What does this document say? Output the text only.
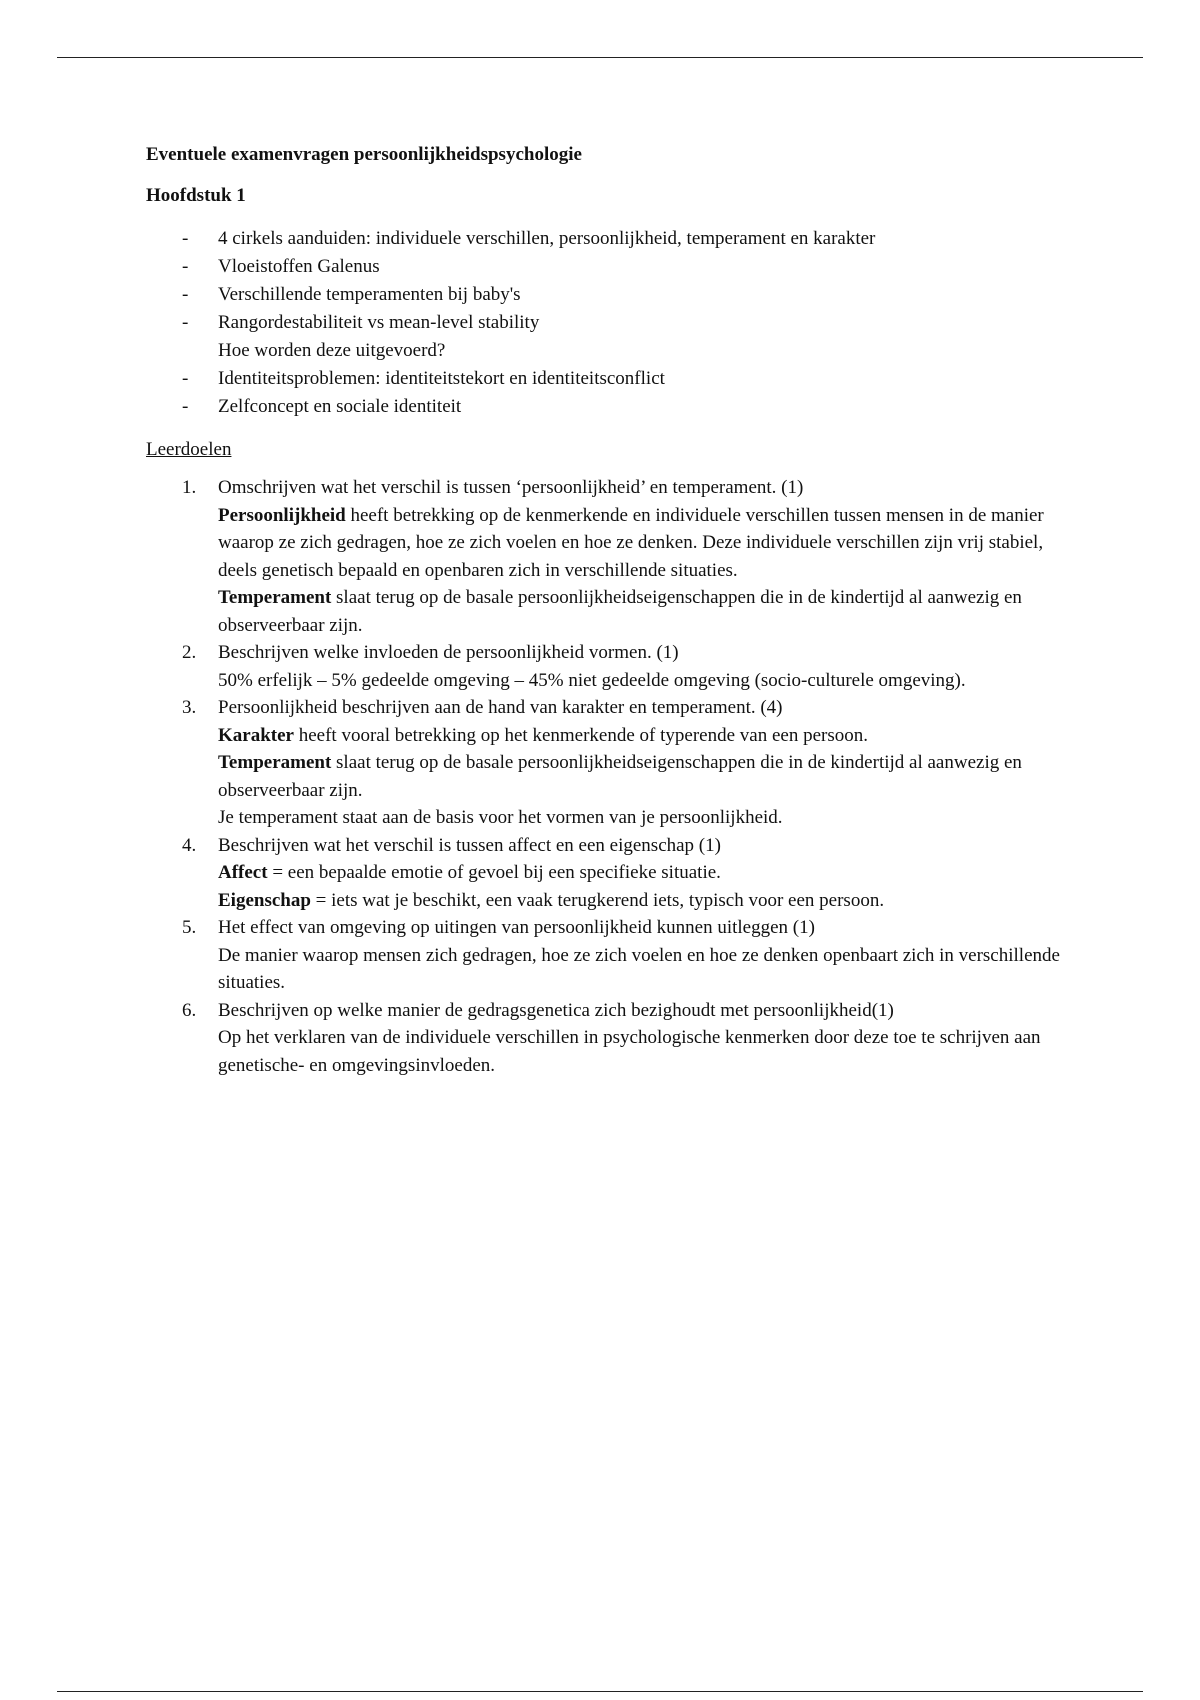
Eventuele examenvragen persoonlijkheidspsychologie

Hoofdstuk 1

- 4 cirkels aanduiden: individuele verschillen, persoonlijkheid, temperament en karakter
- Vloeistoffen Galenus
- Verschillende temperamenten bij baby's
- Rangordestabiliteit vs mean-level stability
Hoe worden deze uitgevoerd?
- Identiteitsproblemen: identiteitstekort en identiteitsconflict
- Zelfconcept en sociale identiteit

Leerdoelen

1. Omschrijven wat het verschil is tussen ‘persoonlijkheid’ en temperament. (1)
Persoonlijkheid heeft betrekking op de kenmerkende en individuele verschillen tussen mensen in de manier waarop ze zich gedragen, hoe ze zich voelen en hoe ze denken. Deze individuele verschillen zijn vrij stabiel, deels genetisch bepaald en openbaren zich in verschillende situaties.
Temperament slaat terug op de basale persoonlijkheidseigenschappen die in de kindertijd al aanwezig en observeerbaar zijn.
2. Beschrijven welke invloeden de persoonlijkheid vormen. (1)
50% erfelijk – 5% gedeelde omgeving – 45% niet gedeelde omgeving (socio-culturele omgeving).
3. Persoonlijkheid beschrijven aan de hand van karakter en temperament. (4)
Karakter heeft vooral betrekking op het kenmerkende of typerende van een persoon.
Temperament slaat terug op de basale persoonlijkheidseigenschappen die in de kindertijd al aanwezig en observeerbaar zijn.
Je temperament staat aan de basis voor het vormen van je persoonlijkheid.
4. Beschrijven wat het verschil is tussen affect en een eigenschap (1)
Affect = een bepaalde emotie of gevoel bij een specifieke situatie.
Eigenschap = iets wat je beschikt, een vaak terugkerend iets, typisch voor een persoon.
5. Het effect van omgeving op uitingen van persoonlijkheid kunnen uitleggen (1)
De manier waarop mensen zich gedragen, hoe ze zich voelen en hoe ze denken openbaart zich in verschillende situaties.
6. Beschrijven op welke manier de gedragsgenetica zich bezighoudt met persoonlijkheid(1)
Op het verklaren van de individuele verschillen in psychologische kenmerken door deze toe te schrijven aan genetische- en omgevingsinvloeden.
